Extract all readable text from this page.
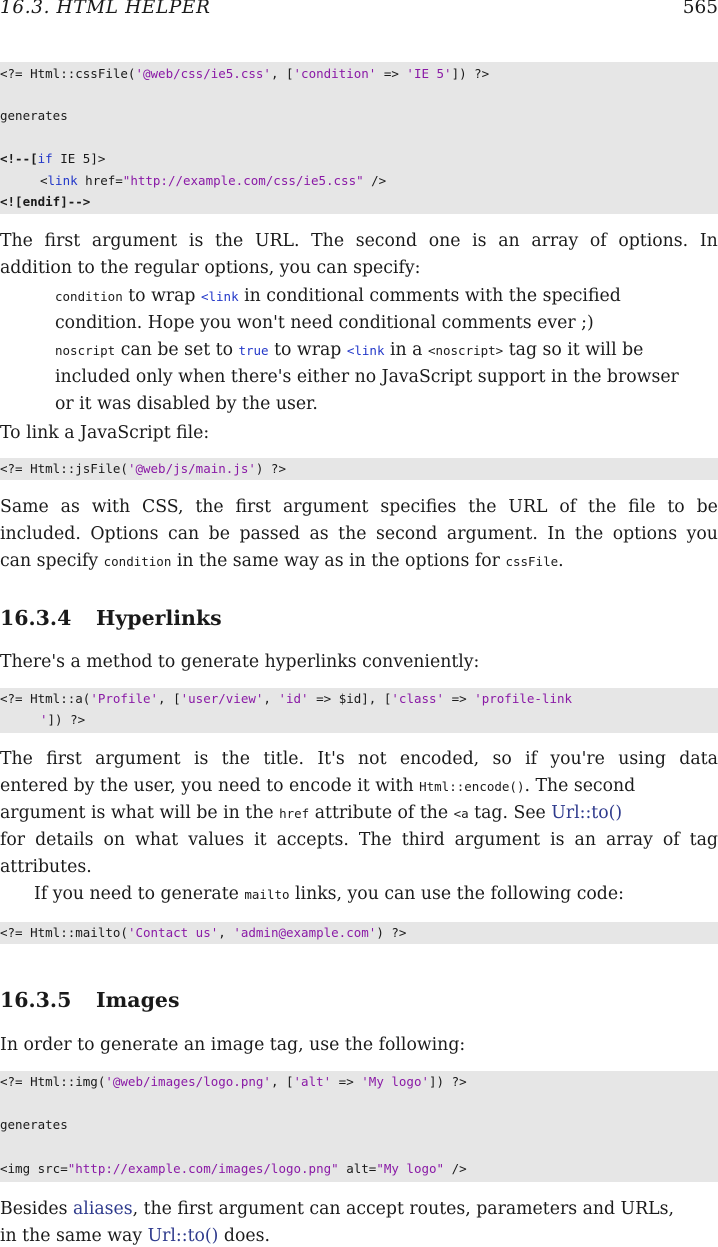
16.3. HTML HELPER	565
<?= Html::cssFile('@web/css/ie5.css', ['condition' => 'IE 5']) ?>
generates
<!--[if IE 5]>
<link href="http://example.com/css/ie5.css" />
<![endif]-->
The first argument is the URL. The second one is an array of options. In
addition to the regular options, you can specify:
condition to wrap <link in conditional comments with the specified
condition. Hope you won't need conditional comments ever ;)
noscript can be set to true to wrap <link in a <noscript> tag so it will be
included only when there's either no JavaScript support in the browser
or it was disabled by the user.
To link a JavaScript file:
<?= Html::jsFile('@web/js/main.js') ?>
Same as with CSS, the first argument specifies the URL of the file to be
included. Options can be passed as the second argument. In the options you
can specify condition in the same way as in the options for cssFile.
16.3.4 Hyperlinks
There's a method to generate hyperlinks conveniently:
<?= Html::a('Profile', ['user/view', 'id' => $id], ['class' => 'profile-link
']) ?>
The first argument is the title. It's not encoded, so if you're using data
entered by the user, you need to encode it with Html::encode(). The second
argument is what will be in the href attribute of the <a tag. See Url::to()
for details on what values it accepts. The third argument is an array of tag
attributes.
If you need to generate mailto links, you can use the following code:
<?= Html::mailto('Contact us', 'admin@example.com') ?>
16.3.5 Images
In order to generate an image tag, use the following:
<?= Html::img('@web/images/logo.png', ['alt' => 'My logo']) ?>
generates
<img src="http://example.com/images/logo.png" alt="My logo" />
Besides aliases, the first argument can accept routes, parameters and URLs,
in the same way Url::to() does.
